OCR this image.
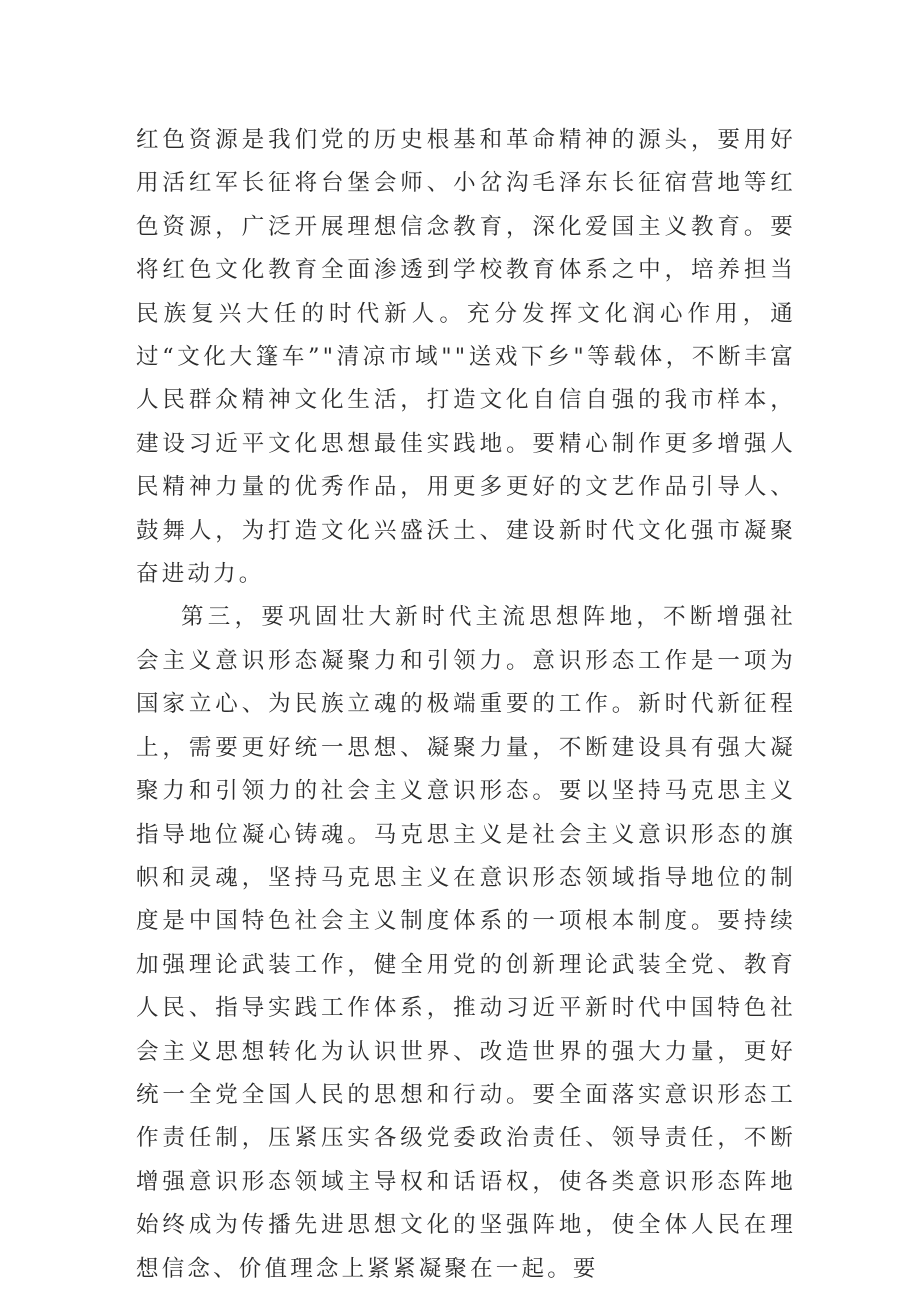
红色资源是我们党的历史根基和革命精神的源头，要用好用活红军长征将台堡会师、小岔沟毛泽东长征宿营地等红色资源，广泛开展理想信念教育，深化爱国主义教育。要将红色文化教育全面渗透到学校教育体系之中，培养担当民族复兴大任的时代新人。充分发挥文化润心作用，通过“文化大篷车”"清凉市域""送戏下乡"等载体，不断丰富人民群众精神文化生活，打造文化自信自强的我市样本，建设习近平文化思想最佳实践地。要精心制作更多增强人民精神力量的优秀作品，用更多更好的文艺作品引导人、鼓舞人，为打造文化兴盛沃土、建设新时代文化强市凝聚奋进动力。

第三，要巩固壮大新时代主流思想阵地，不断增强社会主义意识形态凝聚力和引领力。意识形态工作是一项为国家立心、为民族立魂的极端重要的工作。新时代新征程上，需要更好统一思想、凝聚力量，不断建设具有强大凝聚力和引领力的社会主义意识形态。要以坚持马克思主义指导地位凝心铸魂。马克思主义是社会主义意识形态的旗帜和灵魂，坚持马克思主义在意识形态领域指导地位的制度是中国特色社会主义制度体系的一项根本制度。要持续加强理论武装工作，健全用党的创新理论武装全党、教育人民、指导实践工作体系，推动习近平新时代中国特色社会主义思想转化为认识世界、改造世界的强大力量，更好统一全党全国人民的思想和行动。要全面落实意识形态工作责任制，压紧压实各级党委政治责任、领导责任，不断增强意识形态领域主导权和话语权，使各类意识形态阵地始终成为传播先进思想文化的坚强阵地，使全体人民在理想信念、价值理念上紧紧凝聚在一起。要
